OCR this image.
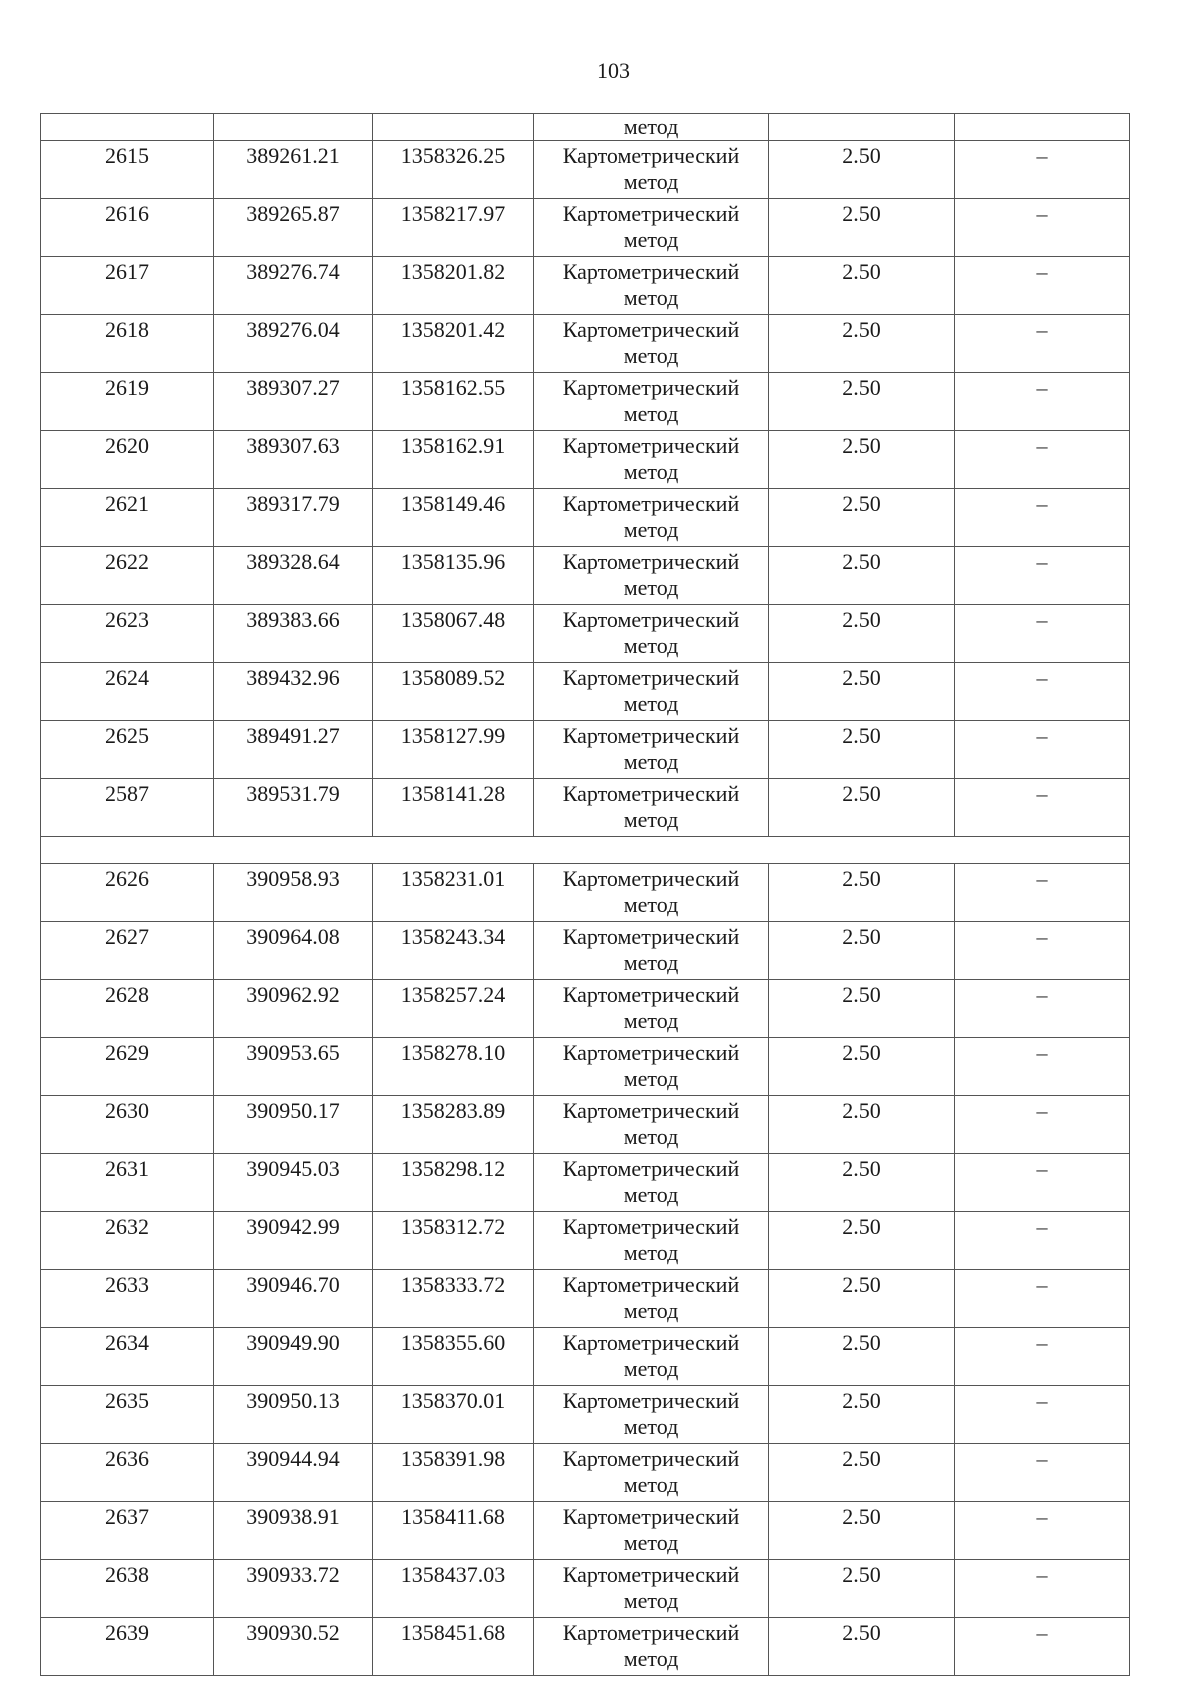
103
			метод		
2615	389261.21	1358326.25	Картометрический
метод	2.50	–
2616	389265.87	1358217.97	Картометрический
метод	2.50	–
2617	389276.74	1358201.82	Картометрический
метод	2.50	–
2618	389276.04	1358201.42	Картометрический
метод	2.50	–
2619	389307.27	1358162.55	Картометрический
метод	2.50	–
2620	389307.63	1358162.91	Картометрический
метод	2.50	–
2621	389317.79	1358149.46	Картометрический
метод	2.50	–
2622	389328.64	1358135.96	Картометрический
метод	2.50	–
2623	389383.66	1358067.48	Картометрический
метод	2.50	–
2624	389432.96	1358089.52	Картометрический
метод	2.50	–
2625	389491.27	1358127.99	Картометрический
метод	2.50	–
2587	389531.79	1358141.28	Картометрический
метод	2.50	–

2626	390958.93	1358231.01	Картометрический
метод	2.50	–
2627	390964.08	1358243.34	Картометрический
метод	2.50	–
2628	390962.92	1358257.24	Картометрический
метод	2.50	–
2629	390953.65	1358278.10	Картометрический
метод	2.50	–
2630	390950.17	1358283.89	Картометрический
метод	2.50	–
2631	390945.03	1358298.12	Картометрический
метод	2.50	–
2632	390942.99	1358312.72	Картометрический
метод	2.50	–
2633	390946.70	1358333.72	Картометрический
метод	2.50	–
2634	390949.90	1358355.60	Картометрический
метод	2.50	–
2635	390950.13	1358370.01	Картометрический
метод	2.50	–
2636	390944.94	1358391.98	Картометрический
метод	2.50	–
2637	390938.91	1358411.68	Картометрический
метод	2.50	–
2638	390933.72	1358437.03	Картометрический
метод	2.50	–
2639	390930.52	1358451.68	Картометрический
метод	2.50	–
